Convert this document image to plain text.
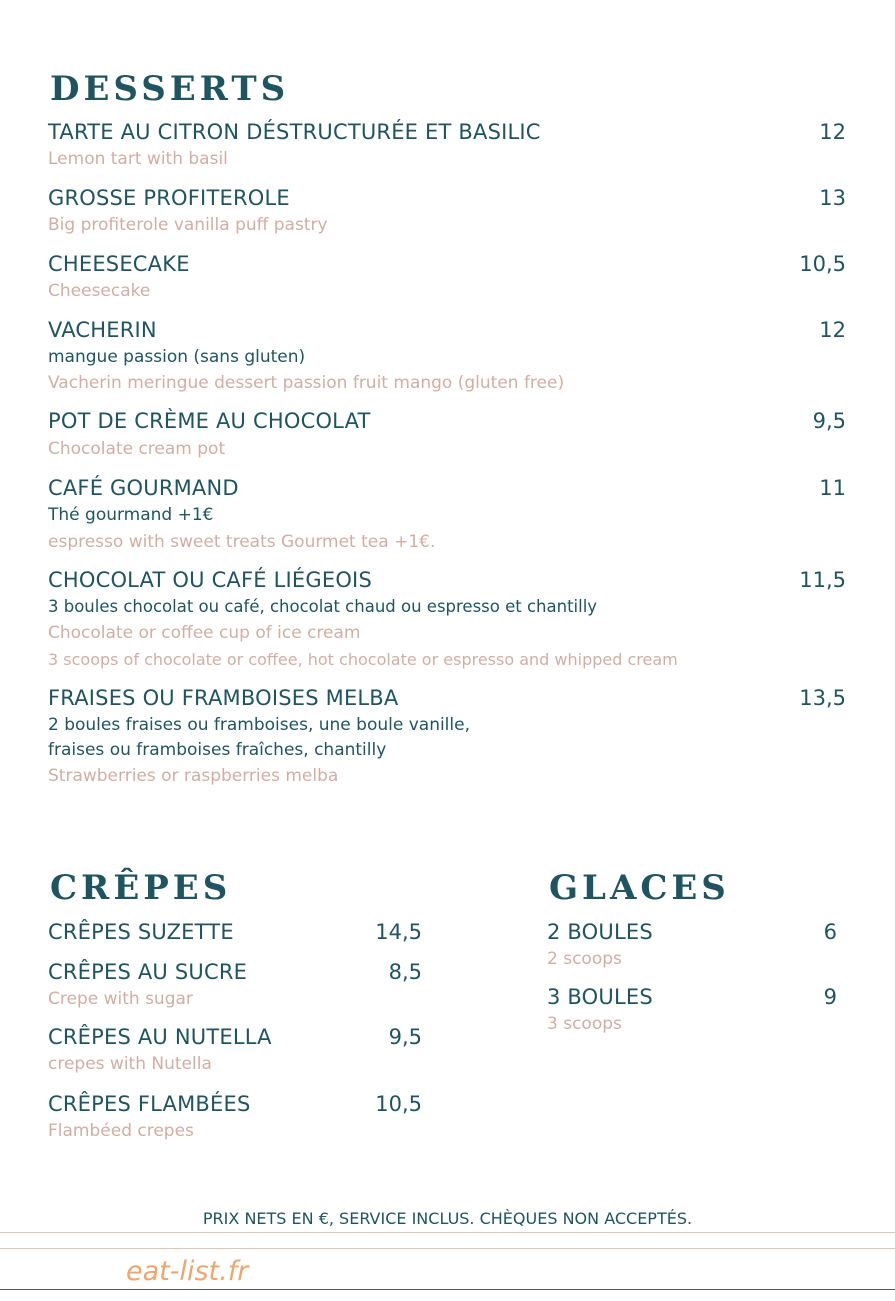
DESSERTS
TARTE AU CITRON DÉSTRUCTURÉE ET BASILIC	12
Lemon tart with basil
GROSSE PROFITEROLE	13
Big profiterole vanilla puff pastry
CHEESECAKE	10,5
Cheesecake
VACHERIN	12
mangue passion (sans gluten)
Vacherin meringue dessert passion fruit mango (gluten free)
POT DE CRÈME AU CHOCOLAT	9,5
Chocolate cream pot
CAFÉ GOURMAND	11
Thé gourmand +1€
espresso with sweet treats Gourmet tea +1€.
CHOCOLAT OU CAFÉ LIÉGEOIS	11,5
3 boules chocolat ou café, chocolat chaud ou espresso et chantilly
Chocolate or coffee cup of ice cream
3 scoops of chocolate or coffee, hot chocolate or espresso and whipped cream
FRAISES OU FRAMBOISES MELBA	13,5
2 boules fraises ou framboises, une boule vanille,
fraises ou framboises fraîches, chantilly
Strawberries or raspberries melba
CRÊPES
CRÊPES SUZETTE	14,5
CRÊPES AU SUCRE	8,5
Crepe with sugar
CRÊPES AU NUTELLA	9,5
crepes with Nutella
CRÊPES FLAMBÉES	10,5
Flambéed crepes
GLACES
2 BOULES	6
2 scoops
3 BOULES	9
3 scoops
PRIX NETS EN €, SERVICE INCLUS. CHÈQUES NON ACCEPTÉS.
eat-list.fr
